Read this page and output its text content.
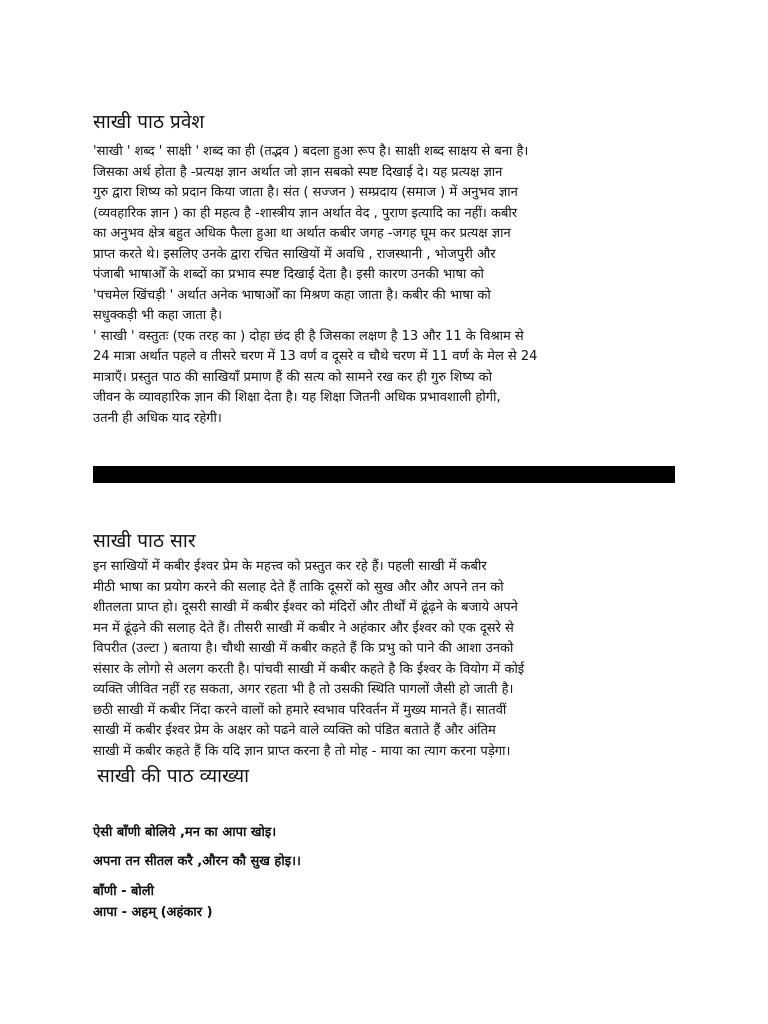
साखी पाठ प्रवेश
'साखी ' शब्द ' साक्षी ' शब्द का ही (तद्भव ) बदला हुआ रूप है। साक्षी शब्द साक्षय से बना है।
जिसका अर्थ होता है -प्रत्यक्ष ज्ञान अर्थात जो ज्ञान सबको स्पष्ट दिखाई दे। यह प्रत्यक्ष ज्ञान
गुरु द्वारा शिष्य को प्रदान किया जाता है। संत ( सज्जन ) सम्प्रदाय (समाज ) में अनुभव ज्ञान
(व्यवहारिक ज्ञान ) का ही महत्व है -शास्त्रीय ज्ञान अर्थात वेद , पुराण इत्यादि का नहीं। कबीर
का अनुभव क्षेत्र बहुत अधिक फैला हुआ था अर्थात कबीर जगह -जगह घूम कर प्रत्यक्ष ज्ञान
प्राप्त करते थे। इसलिए उनके द्वारा रचित साखियों में अवधि , राजस्थानी , भोजपुरी और
पंजाबी भाषाओँ के शब्दों का प्रभाव स्पष्ट दिखाई देता है। इसी कारण उनकी भाषा को
'पचमेल खिंचड़ी ' अर्थात अनेक भाषाओँ का मिश्रण कहा जाता है। कबीर की भाषा को
सधुक्कड़ी भी कहा जाता है।
' साखी ' वस्तुतः (एक तरह का ) दोहा छंद ही है जिसका लक्षण है 13 और 11 के विश्राम से
24 मात्रा अर्थात पहले व तीसरे चरण में 13 वर्ण व दूसरे व चौथे चरण में 11 वर्ण के मेल से 24
मात्राएँ। प्रस्तुत पाठ की साखियाँ प्रमाण हैं की सत्य को सामने रख कर ही गुरु शिष्य को
जीवन के व्यावहारिक ज्ञान की शिक्षा देता है। यह शिक्षा जितनी अधिक प्रभावशाली होगी,
उतनी ही अधिक याद रहेगी।
साखी पाठ सार
इन साखियों में कबीर ईश्वर प्रेम के महत्त्व को प्रस्तुत कर रहे हैं। पहली साखी में कबीर
मीठी भाषा का प्रयोग करने की सलाह देते हैं ताकि दूसरों को सुख और और अपने तन को
शीतलता प्राप्त हो। दूसरी साखी में कबीर ईश्वर को मंदिरों और तीर्थों में ढूंढ़ने के बजाये अपने
मन में ढूंढ़ने की सलाह देते हैं। तीसरी साखी में कबीर ने अहंकार और ईश्वर को एक दूसरे से
विपरीत (उल्टा ) बताया है। चौथी साखी में कबीर कहते हैं कि प्रभु को पाने की आशा उनको
संसार के लोगो से अलग करती है। पांचवी साखी में कबीर कहते है कि ईश्वर के वियोग में कोई
व्यक्ति जीवित नहीं रह सकता, अगर रहता भी है तो उसकी स्थिति पागलों जैसी हो जाती है।
छठी साखी में कबीर निंदा करने वालों को हमारे स्वभाव परिवर्तन में मुख्य मानते हैं। सातवीं
साखी में कबीर ईश्वर प्रेम के अक्षर को पढने वाले व्यक्ति को पंडित बताते हैं और अंतिम
साखी में कबीर कहते हैं कि यदि ज्ञान प्राप्त करना है तो मोह - माया का त्याग करना पड़ेगा।
साखी की पाठ व्याख्या
ऐसी बाँणी बोलिये ,मन का आपा खोइ।
अपना तन सीतल करै ,औरन कौ सुख होइ।।
बाँणी - बोली
आपा - अहम् (अहंकार )
